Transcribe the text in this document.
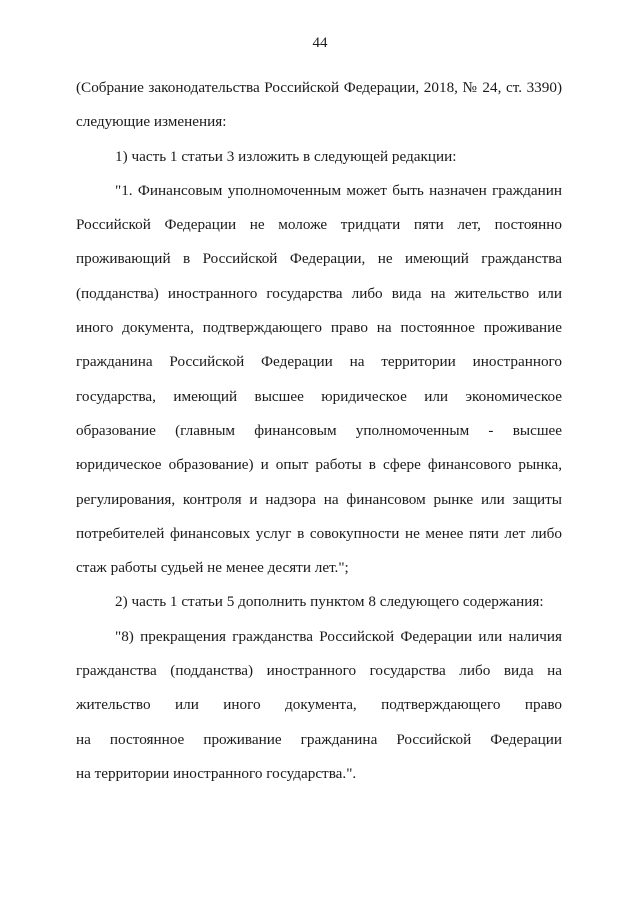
44
(Собрание законодательства Российской Федерации, 2018, № 24, ст. 3390)
следующие изменения:
1) часть 1 статьи 3 изложить в следующей редакции:
"1. Финансовым уполномоченным может быть назначен гражданин
Российской Федерации не моложе тридцати пяти лет, постоянно
проживающий в Российской Федерации, не имеющий гражданства
(подданства) иностранного государства либо вида на жительство или
иного документа, подтверждающего право на постоянное проживание
гражданина Российской Федерации на территории иностранного
государства, имеющий высшее юридическое или экономическое
образование (главным финансовым уполномоченным - высшее
юридическое образование) и опыт работы в сфере финансового рынка,
регулирования, контроля и надзора на финансовом рынке или защиты
потребителей финансовых услуг в совокупности не менее пяти лет либо
стаж работы судьей не менее десяти лет.";
2) часть 1 статьи 5 дополнить пунктом 8 следующего содержания:
"8) прекращения гражданства Российской Федерации или наличия
гражданства (подданства) иностранного государства либо вида на
жительство или иного документа, подтверждающего право
на постоянное проживание гражданина Российской Федерации
на территории иностранного государства.".
